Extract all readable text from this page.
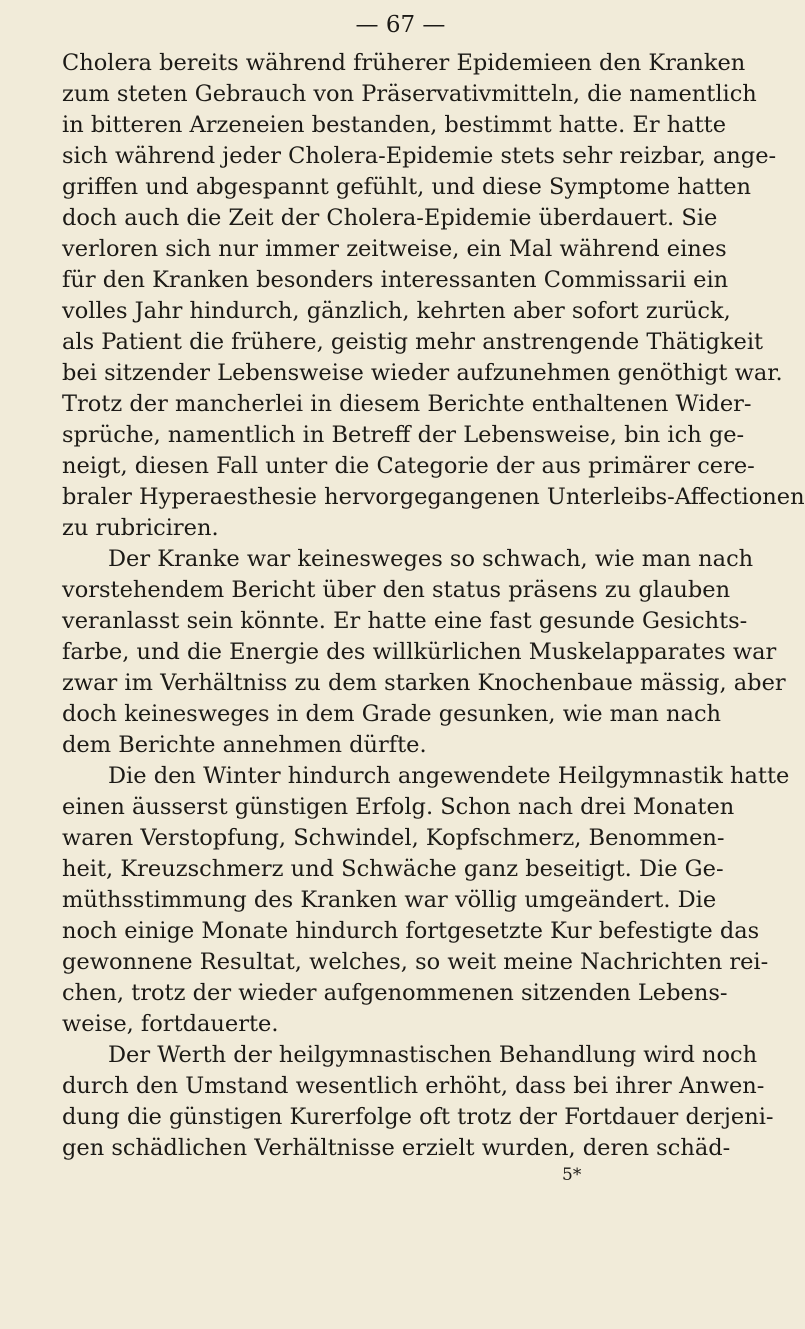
— 67 —
Cholera bereits während früherer Epidemieen den Kranken
zum steten Gebrauch von Präservativmitteln, die namentlich
in bitteren Arzeneien bestanden, bestimmt hatte. Er hatte
sich während jeder Cholera-Epidemie stets sehr reizbar, ange-
griffen und abgespannt gefühlt, und diese Symptome hatten
doch auch die Zeit der Cholera-Epidemie überdauert. Sie
verloren sich nur immer zeitweise, ein Mal während eines
für den Kranken besonders interessanten Commissarii ein
volles Jahr hindurch, gänzlich, kehrten aber sofort zurück,
als Patient die frühere, geistig mehr anstrengende Thätigkeit
bei sitzender Lebensweise wieder aufzunehmen genöthigt war.
Trotz der mancherlei in diesem Berichte enthaltenen Wider-
sprüche, namentlich in Betreff der Lebensweise, bin ich ge-
neigt, diesen Fall unter die Categorie der aus primärer cere-
braler Hyperaesthesie hervorgegangenen Unterleibs-Affectionen
zu rubriciren.
Der Kranke war keinesweges so schwach, wie man nach
vorstehendem Bericht über den status präsens zu glauben
veranlasst sein könnte. Er hatte eine fast gesunde Gesichts-
farbe, und die Energie des willkürlichen Muskelapparates war
zwar im Verhältniss zu dem starken Knochenbaue mässig, aber
doch keinesweges in dem Grade gesunken, wie man nach
dem Berichte annehmen dürfte.
Die den Winter hindurch angewendete Heilgymnastik hatte
einen äusserst günstigen Erfolg. Schon nach drei Monaten
waren Verstopfung, Schwindel, Kopfschmerz, Benommen-
heit, Kreuzschmerz und Schwäche ganz beseitigt. Die Ge-
müthsstimmung des Kranken war völlig umgeändert. Die
noch einige Monate hindurch fortgesetzte Kur befestigte das
gewonnene Resultat, welches, so weit meine Nachrichten rei-
chen, trotz der wieder aufgenommenen sitzenden Lebens-
weise, fortdauerte.
Der Werth der heilgymnastischen Behandlung wird noch
durch den Umstand wesentlich erhöht, dass bei ihrer Anwen-
dung die günstigen Kurerfolge oft trotz der Fortdauer derjeni-
gen schädlichen Verhältnisse erzielt wurden, deren schäd-
5*
